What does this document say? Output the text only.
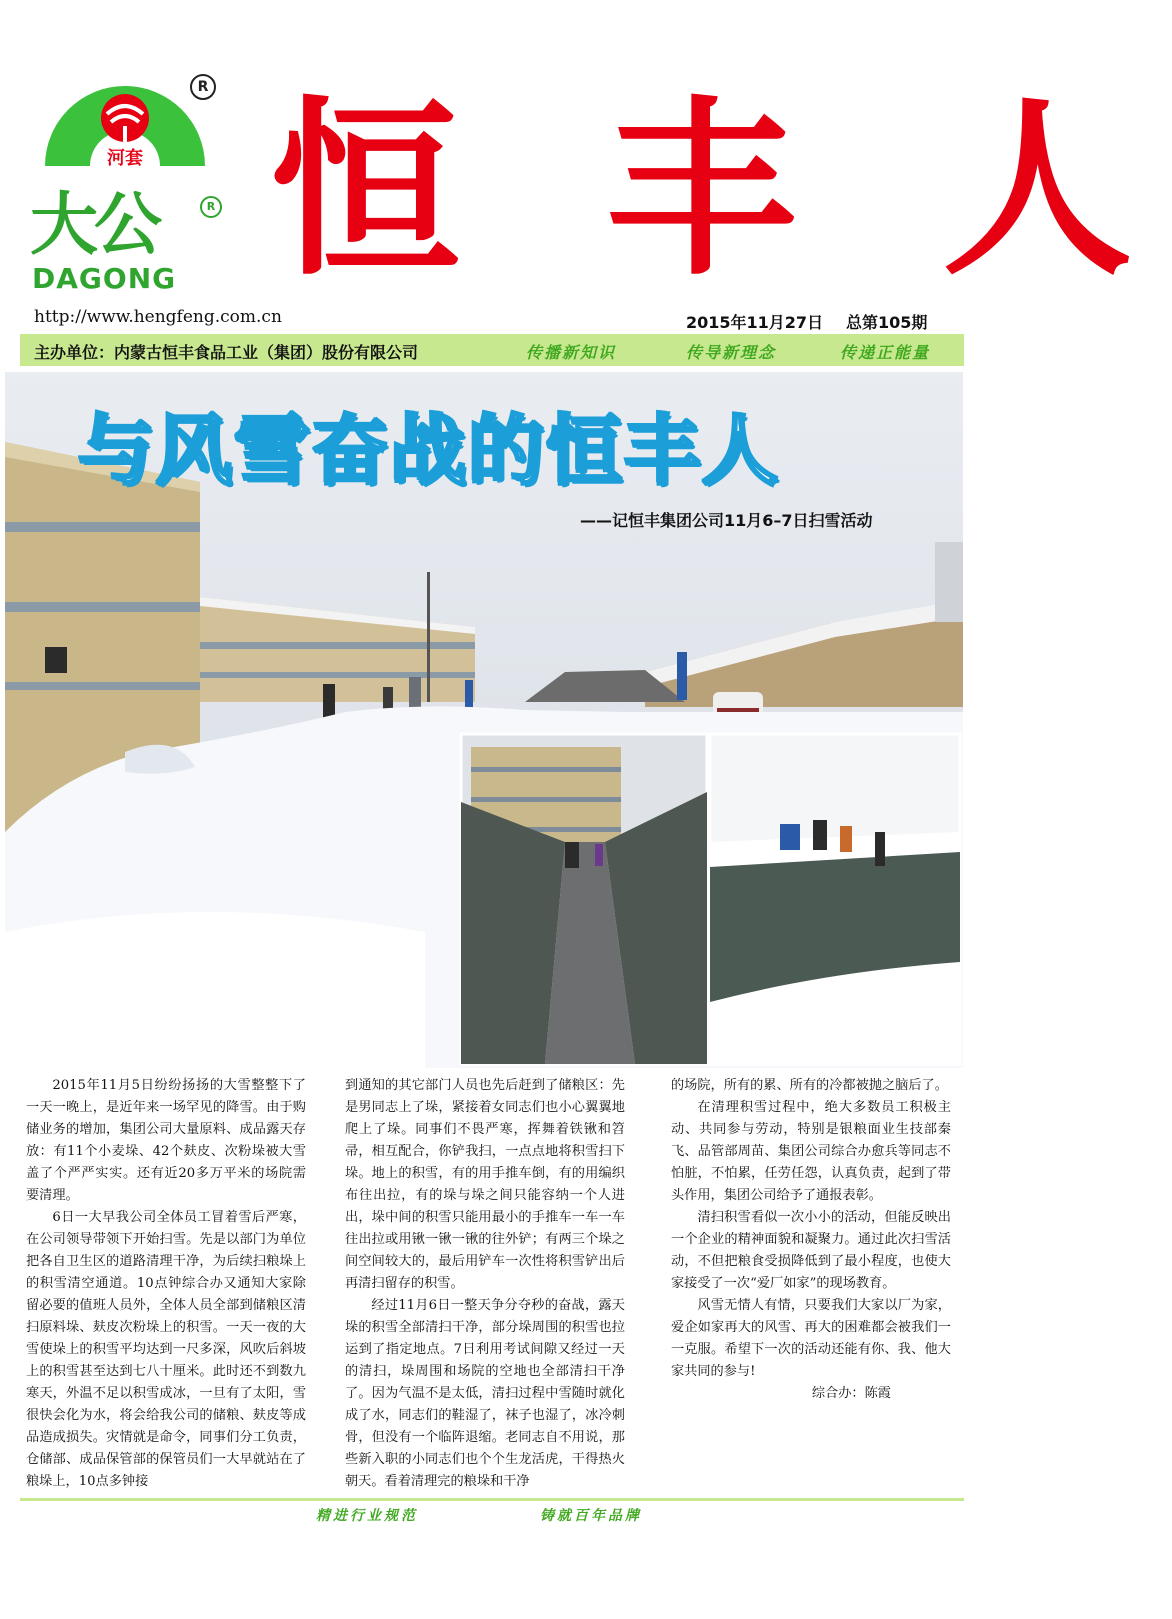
河套
R
大公	R
DAGONG 恒 丰 人
http://www.hengfeng.com.cn	2015年11月27日 总第105期
主办单位：内蒙古恒丰食品工业（集团）股份有限公司	传播新知识	传导新理念	传递正能量
与风雪奋战的恒丰人
——记恒丰集团公司11月6–7日扫雪活动

2015年11月5日纷纷扬扬的大雪整整下了一天一晚上，是近年来一场罕见的降雪。由于购储业务的增加，集团公司大量原料、成品露天存放：有11个小麦垛、42个麸皮、次粉垛被大雪盖了个严严实实。还有近20多万平米的场院需要清理。

6日一大早我公司全体员工冒着雪后严寒，在公司领导带领下开始扫雪。先是以部门为单位把各自卫生区的道路清理干净，为后续扫粮垛上的积雪清空通道。10点钟综合办又通知大家除留必要的值班人员外，全体人员全部到储粮区清扫原料垛、麸皮次粉垛上的积雪。一天一夜的大雪使垛上的积雪平均达到一尺多深，风吹后斜坡上的积雪甚至达到七八十厘米。此时还不到数九寒天，外温不足以积雪成冰，一旦有了太阳，雪很快会化为水，将会给我公司的储粮、麸皮等成品造成损失。灾情就是命令，同事们分工负责，仓储部、成品保管部的保管员们一大早就站在了粮垛上，10点多钟接

到通知的其它部门人员也先后赶到了储粮区：先是男同志上了垛，紧接着女同志们也小心翼翼地爬上了垛。同事们不畏严寒，挥舞着铁锹和笤帚，相互配合，你铲我扫，一点点地将积雪扫下垛。地上的积雪，有的用手推车倒，有的用编织布往出拉，有的垛与垛之间只能容纳一个人进出，垛中间的积雪只能用最小的手推车一车一车往出拉或用锹一锹一锹的往外铲；有两三个垛之间空间较大的，最后用铲车一次性将积雪铲出后再清扫留存的积雪。

经过11月6日一整天争分夺秒的奋战，露天垛的积雪全部清扫干净，部分垛周围的积雪也拉运到了指定地点。7日利用考试间隙又经过一天的清扫，垛周围和场院的空地也全部清扫干净了。因为气温不是太低，清扫过程中雪随时就化成了水，同志们的鞋湿了，袜子也湿了，冰冷刺骨，但没有一个临阵退缩。老同志自不用说，那些新入职的小同志们也个个生龙活虎，干得热火朝天。看着清理完的粮垛和干净

的场院，所有的累、所有的冷都被抛之脑后了。

在清理积雪过程中，绝大多数员工积极主动、共同参与劳动，特别是银粮面业生技部秦飞、品管部周苗、集团公司综合办愈兵等同志不怕脏，不怕累，任劳任怨，认真负责，起到了带头作用，集团公司给予了通报表彰。

清扫积雪看似一次小小的活动，但能反映出一个企业的精神面貌和凝聚力。通过此次扫雪活动，不但把粮食受损降低到了最小程度，也使大家接受了一次“爱厂如家”的现场教育。

风雪无情人有情，只要我们大家以厂为家，爱企如家再大的风雪、再大的困难都会被我们一一克服。希望下一次的活动还能有你、我、他大家共同的参与!

综合办：陈霞

精进行业规范	铸就百年品牌
